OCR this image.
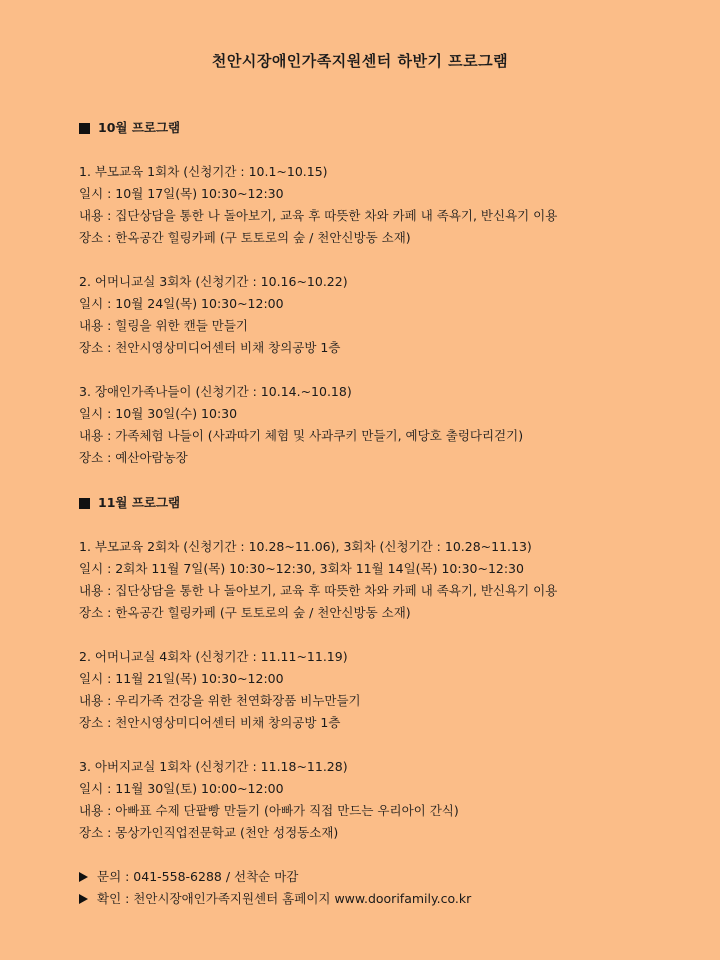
천안시장애인가족지원센터 하반기 프로그램
10월 프로그램
1. 부모교육 1회차 (신청기간 : 10.1~10.15)
일시 : 10월 17일(목) 10:30~12:30
내용 : 집단상담을 통한 나 돌아보기, 교육 후 따뜻한 차와 카페 내 족욕기, 반신욕기 이용
장소 : 한옥공간 힐링카페 (구 토토로의 숲 / 천안신방동 소재)
2. 어머니교실 3회차 (신청기간 : 10.16~10.22)
일시 : 10월 24일(목) 10:30~12:00
내용 : 힐링을 위한 캔들 만들기
장소 : 천안시영상미디어센터 비채 창의공방 1층
3. 장애인가족나들이 (신청기간 : 10.14.~10.18)
일시 : 10월 30일(수) 10:30
내용 : 가족체험 나들이 (사과따기 체험 및 사과쿠키 만들기, 예당호 출렁다리걷기)
장소 : 예산아람농장
11월 프로그램
1. 부모교육 2회차 (신청기간 : 10.28~11.06), 3회차 (신청기간 : 10.28~11.13)
일시 : 2회차 11월 7일(목) 10:30~12:30, 3회차 11월 14일(목) 10:30~12:30
내용 : 집단상담을 통한 나 돌아보기, 교육 후 따뜻한 차와 카페 내 족욕기, 반신욕기 이용
장소 : 한옥공간 힐링카페 (구 토토로의 숲 / 천안신방동 소재)
2. 어머니교실 4회차 (신청기간 : 11.11~11.19)
일시 : 11월 21일(목) 10:30~12:00
내용 : 우리가족 건강을 위한 천연화장품 비누만들기
장소 : 천안시영상미디어센터 비채 창의공방 1층
3. 아버지교실 1회차 (신청기간 : 11.18~11.28)
일시 : 11월 30일(토) 10:00~12:00
내용 : 아빠표 수제 단팥빵 만들기 (아빠가 직접 만드는 우리아이 간식)
장소 : 몽상가인직업전문학교 (천안 성정동소재)
문의 : 041-558-6288 / 선착순 마감
확인 : 천안시장애인가족지원센터 홈페이지 www.doorifamily.co.kr
